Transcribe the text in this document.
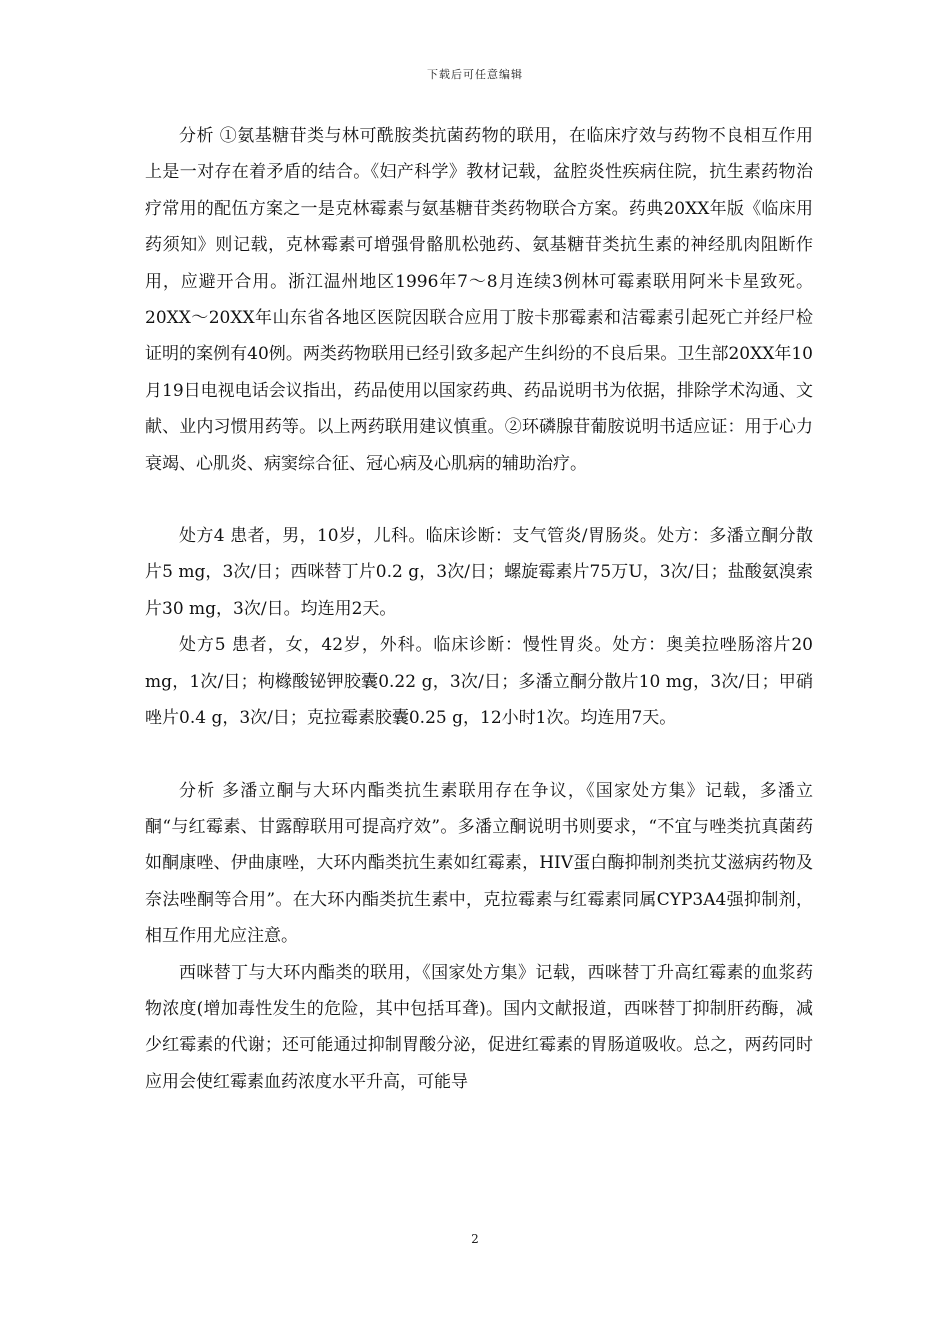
下载后可任意编辑

分析 ①氨基糖苷类与林可酰胺类抗菌药物的联用，在临床疗效与药物不良相互作用上是一对存在着矛盾的结合。《妇产科学》教材记载，盆腔炎性疾病住院，抗生素药物治疗常用的配伍方案之一是克林霉素与氨基糖苷类药物联合方案。药典20XX年版《临床用药须知》则记载，克林霉素可增强骨骼肌松弛药、氨基糖苷类抗生素的神经肌肉阻断作用，应避开合用。浙江温州地区1996年7～8月连续3例林可霉素联用阿米卡星致死。20XX～20XX年山东省各地区医院因联合应用丁胺卡那霉素和洁霉素引起死亡并经尸检证明的案例有40例。两类药物联用已经引致多起产生纠纷的不良后果。卫生部20XX年10月19日电视电话会议指出，药品使用以国家药典、药品说明书为依据，排除学术沟通、文献、业内习惯用药等。以上两药联用建议慎重。②环磷腺苷葡胺说明书适应证：用于心力衰竭、心肌炎、病窦综合征、冠心病及心肌病的辅助治疗。

处方4 患者，男，10岁，儿科。临床诊断：支气管炎/胃肠炎。处方：多潘立酮分散片5 mg，3次/日；西咪替丁片0.2 g，3次/日；螺旋霉素片75万U，3次/日；盐酸氨溴索片30 mg，3次/日。均连用2天。

处方5 患者，女，42岁，外科。临床诊断：慢性胃炎。处方：奥美拉唑肠溶片20 mg，1次/日；枸橼酸铋钾胶囊0.22 g，3次/日；多潘立酮分散片10 mg，3次/日；甲硝唑片0.4 g，3次/日；克拉霉素胶囊0.25 g，12小时1次。均连用7天。

分析 多潘立酮与大环内酯类抗生素联用存在争议，《国家处方集》记载，多潘立酮“与红霉素、甘露醇联用可提高疗效”。多潘立酮说明书则要求，“不宜与唑类抗真菌药如酮康唑、伊曲康唑，大环内酯类抗生素如红霉素，HIV蛋白酶抑制剂类抗艾滋病药物及奈法唑酮等合用”。在大环内酯类抗生素中，克拉霉素与红霉素同属CYP3A4强抑制剂，相互作用尤应注意。

西咪替丁与大环内酯类的联用，《国家处方集》记载，西咪替丁升高红霉素的血浆药物浓度(增加毒性发生的危险，其中包括耳聋)。国内文献报道，西咪替丁抑制肝药酶，减少红霉素的代谢；还可能通过抑制胃酸分泌，促进红霉素的胃肠道吸收。总之，两药同时应用会使红霉素血药浓度水平升高，可能导

2
